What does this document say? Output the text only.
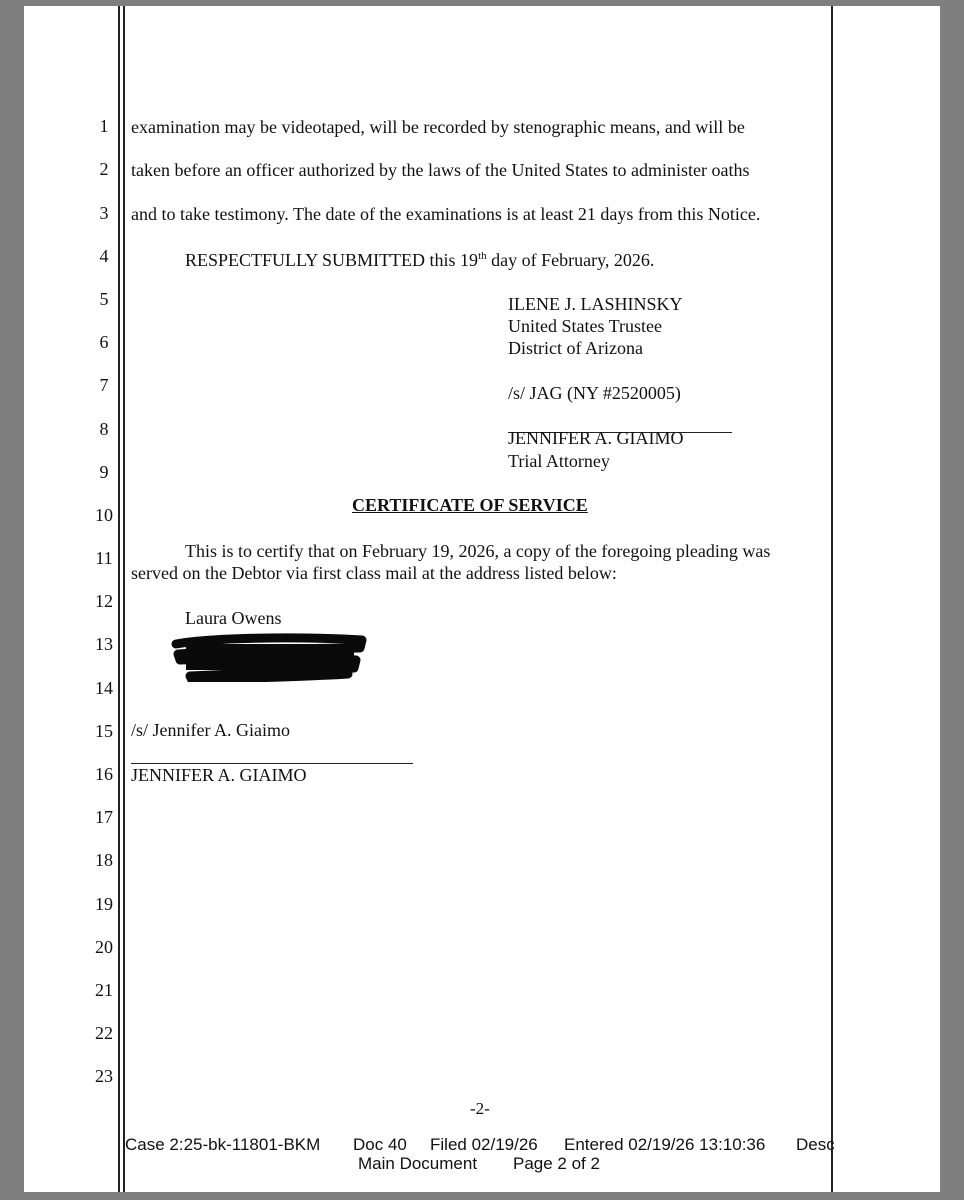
1
2
3
4
5
6
7
8
9
10
11
12
13
14
15
16
17
18
19
20
21
22
23
examination may be videotaped, will be recorded by stenographic means, and will be
taken before an officer authorized by the laws of the United States to administer oaths
and to take testimony. The date of the examinations is at least 21 days from this Notice.
RESPECTFULLY SUBMITTED this 19th day of February, 2026.
ILENE J. LASHINSKY
United States Trustee
District of Arizona
/s/ JAG (NY #2520005)
JENNIFER A. GIAIMO
Trial Attorney
CERTIFICATE OF SERVICE
This is to certify that on February 19, 2026, a copy of the foregoing pleading was
served on the Debtor via first class mail at the address listed below:
Laura Owens
/s/ Jennifer A. Giaimo
JENNIFER A. GIAIMO
-2-
Case 2:25-bk-11801-BKM Doc 40 Filed 02/19/26 Entered 02/19/26 13:10:36 Desc
Main Document Page 2 of 2
